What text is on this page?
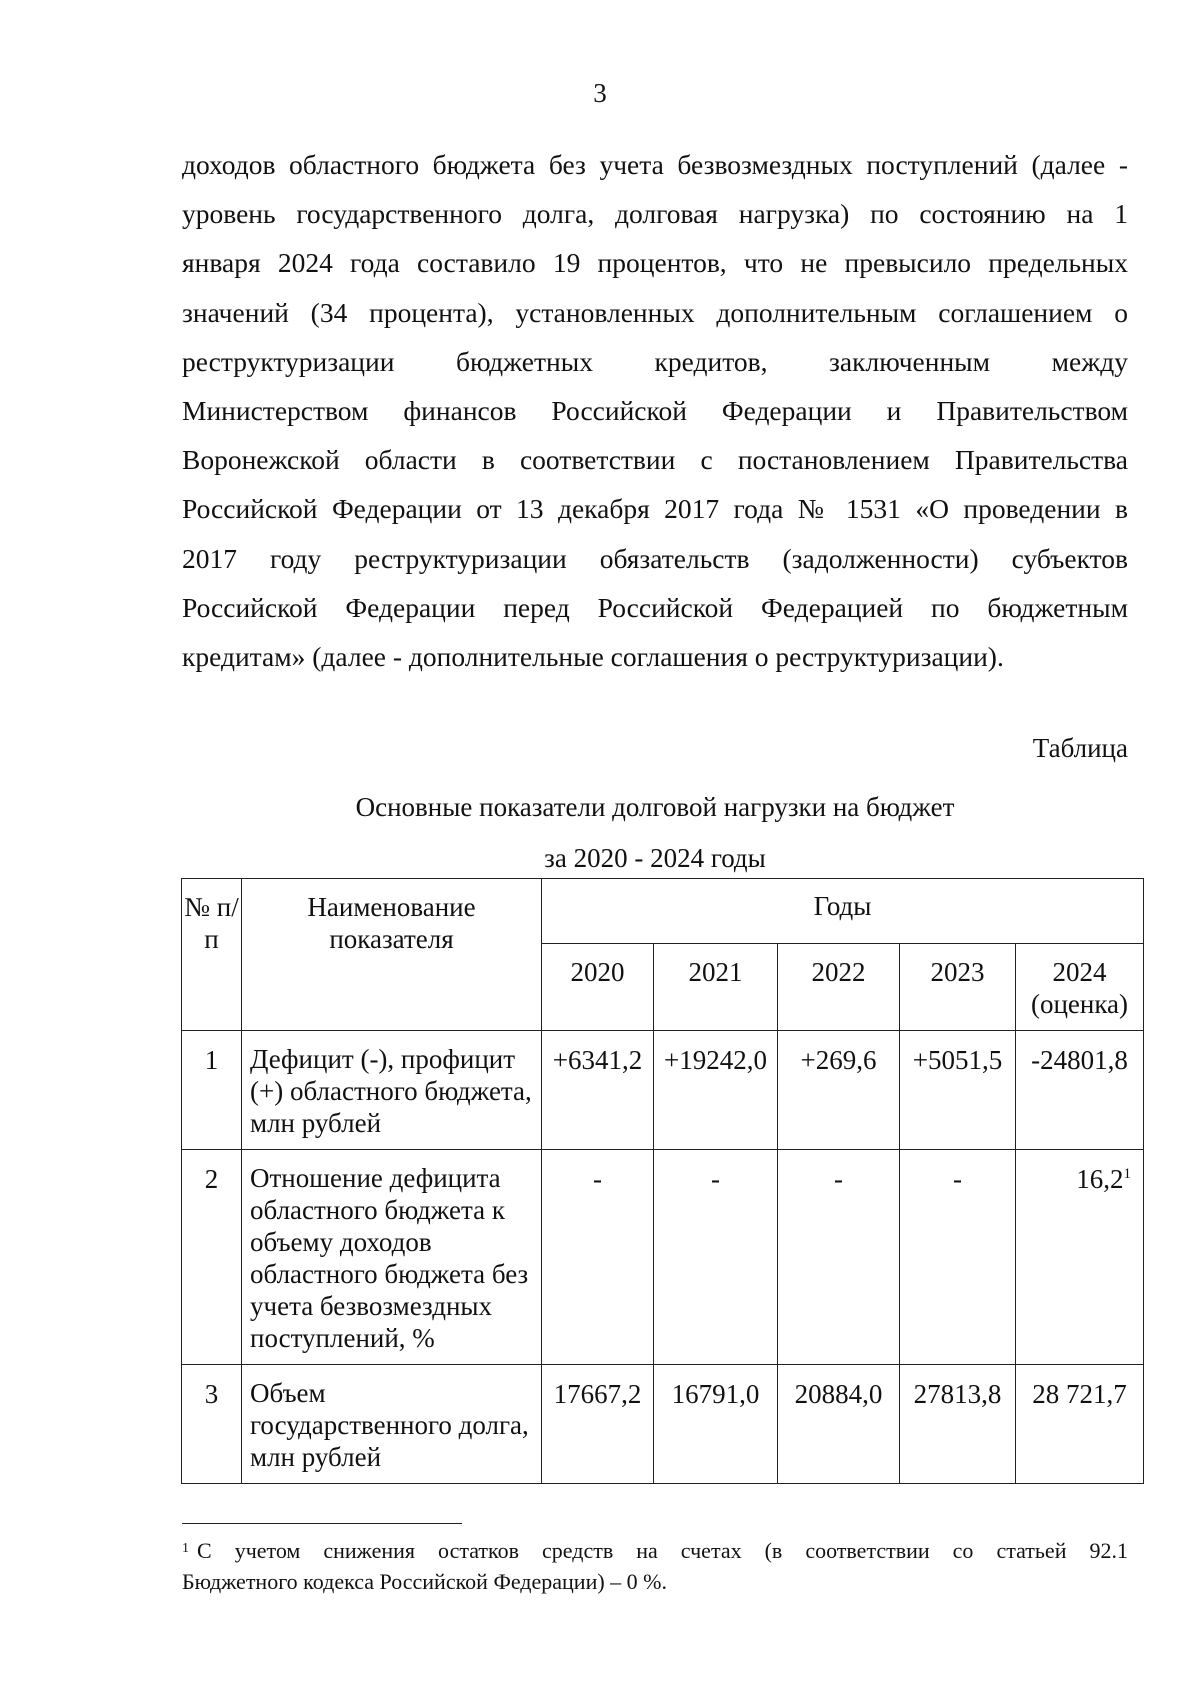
3
доходов областного бюджета без учета безвозмездных поступлений (далее -
уровень государственного долга, долговая нагрузка) по состоянию на 1
января 2024 года составило 19 процентов, что не превысило предельных
значений (34 процента), установленных дополнительным соглашением о
реструктуризации бюджетных кредитов, заключенным между
Министерством финансов Российской Федерации и Правительством
Воронежской области в соответствии с постановлением Правительства
Российской Федерации от 13 декабря 2017 года № 1531 «О проведении в
2017 году реструктуризации обязательств (задолженности) субъектов
Российской Федерации перед Российской Федерацией по бюджетным
кредитам» (далее - дополнительные соглашения о реструктуризации).
Таблица
Основные показатели долговой нагрузки на бюджет
за 2020 - 2024 годы
№ п/п	Наименование показателя	Годы				
		2020	2021	2022	2023	2024 (оценка)
1	Дефицит (-), профицит (+) областного бюджета, млн рублей	+6341,2	+19242,0	+269,6	+5051,5	-24801,8
2	Отношение дефицита областного бюджета к объему доходов областного бюджета без учета безвозмездных поступлений, %	-	-	-	-	16,2$^1$
3	Объем государственного долга, млн рублей	17667,2	16791,0	20884,0	27813,8	28 721,7
$^1$ С учетом снижения остатков средств на счетах (в соответствии со статьей 92.1
Бюджетного кодекса Российской Федерации) – 0 %.
